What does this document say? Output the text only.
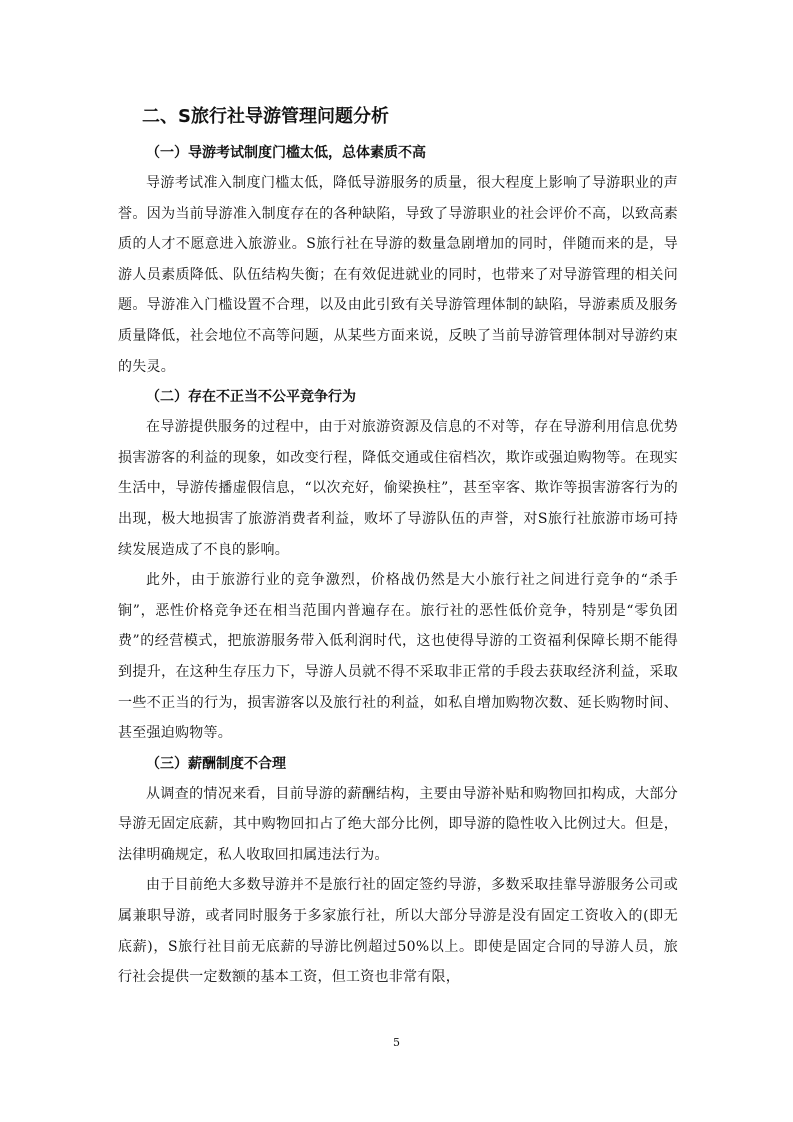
二、S旅行社导游管理问题分析
（一）导游考试制度门槛太低，总体素质不高

导游考试准入制度门槛太低，降低导游服务的质量，很大程度上影响了导游职业的声誉。因为当前导游准入制度存在的各种缺陷，导致了导游职业的社会评价不高，以致高素质的人才不愿意进入旅游业。S旅行社在导游的数量急剧增加的同时，伴随而来的是，导游人员素质降低、队伍结构失衡；在有效促进就业的同时，也带来了对导游管理的相关问题。导游准入门槛设置不合理，以及由此引致有关导游管理体制的缺陷，导游素质及服务质量降低，社会地位不高等问题，从某些方面来说，反映了当前导游管理体制对导游约束的失灵。

（二）存在不正当不公平竞争行为

在导游提供服务的过程中，由于对旅游资源及信息的不对等，存在导游利用信息优势损害游客的利益的现象，如改变行程，降低交通或住宿档次，欺诈或强迫购物等。在现实生活中，导游传播虚假信息，“以次充好，偷梁换柱”，甚至宰客、欺诈等损害游客行为的出现，极大地损害了旅游消费者利益，败坏了导游队伍的声誉，对S旅行社旅游市场可持续发展造成了不良的影响。

此外，由于旅游行业的竞争激烈，价格战仍然是大小旅行社之间进行竞争的“杀手锏”，恶性价格竞争还在相当范围内普遍存在。旅行社的恶性低价竞争，特别是“零负团费”的经营模式，把旅游服务带入低利润时代，这也使得导游的工资福利保障长期不能得到提升，在这种生存压力下，导游人员就不得不采取非正常的手段去获取经济利益，采取一些不正当的行为，损害游客以及旅行社的利益，如私自增加购物次数、延长购物时间、甚至强迫购物等。

（三）薪酬制度不合理

从调查的情况来看，目前导游的薪酬结构，主要由导游补贴和购物回扣构成，大部分导游无固定底薪，其中购物回扣占了绝大部分比例，即导游的隐性收入比例过大。但是，法律明确规定，私人收取回扣属违法行为。

由于目前绝大多数导游并不是旅行社的固定签约导游，多数采取挂靠导游服务公司或属兼职导游，或者同时服务于多家旅行社，所以大部分导游是没有固定工资收入的(即无底薪)，S旅行社目前无底薪的导游比例超过50%以上。即使是固定合同的导游人员，旅行社会提供一定数额的基本工资，但工资也非常有限，

5
